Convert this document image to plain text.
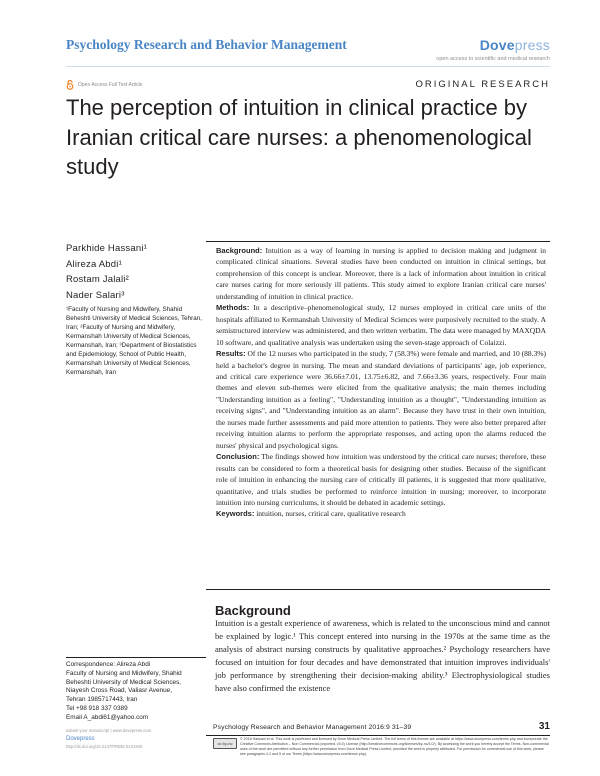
Psychology Research and Behavior Management	Dovepress
open access to scientific and medical research
Open Access Full Text Article	ORIGINAL RESEARCH
The perception of intuition in clinical practice by Iranian critical care nurses: a phenomenological study
Parkhide Hassani¹
Alireza Abdi¹
Rostam Jalali²
Nader Salari³
¹Faculty of Nursing and Midwifery, Shahid Beheshti University of Medical Sciences, Tehran, Iran; ²Faculty of Nursing and Midwifery, Kermanshah University of Medical Sciences, Kermanshah, Iran; ³Department of Biostatistics and Epidemiology, School of Public Health, Kermanshah University of Medical Sciences, Kermanshah, Iran

Background: Intuition as a way of learning in nursing is applied to decision making and judgment in complicated clinical situations. Several studies have been conducted on intuition in clinical settings, but comprehension of this concept is unclear. Moreover, there is a lack of information about intuition in critical care nurses caring for more seriously ill patients. This study aimed to explore Iranian critical care nurses' understanding of intuition in clinical practice.

Methods: In a descriptive–phenomenological study, 12 nurses employed in critical care units of the hospitals affiliated to Kermanshah University of Medical Sciences were purposively recruited to the study. A semistructured interview was administered, and then written verbatim. The data were managed by MAXQDA 10 software, and qualitative analysis was undertaken using the seven-stage approach of Colaizzi.

Results: Of the 12 nurses who participated in the study, 7 (58.3%) were female and married, and 10 (88.3%) held a bachelor's degree in nursing. The mean and standard deviations of participants' age, job experience, and critical care experience were 36.66±7.01, 13.75±6.82, and 7.66±3.36 years, respectively. Four main themes and eleven sub-themes were elicited from the qualitative analysis; the main themes including "Understanding intuition as a feeling", "Understanding intuition as a thought", "Understanding intuition as receiving signs", and "Understanding intuition as an alarm". Because they have trust in their own intuition, the nurses made further assessments and paid more attention to patients. They were also better prepared after receiving intuition alarms to perform the appropriate responses, and acting upon the alarms reduced the nurses' physical and psychological signs.

Conclusion: The findings showed how intuition was understood by the critical care nurses; therefore, these results can be considered to form a theoretical basis for designing other studies. Because of the significant role of intuition in enhancing the nursing care of critically ill patients, it is suggested that more qualitative, quantitative, and trials studies be performed to reinforce intuition in nursing; moreover, to incorporate intuition into nursing curriculums, it should be debated in academic settings.

Keywords: intuition, nurses, critical care, qualitative research

Background

Intuition is a gestalt experience of awareness, which is related to the unconscious mind and cannot be explained by logic.¹ This concept entered into nursing in the 1970s at the same time as the analysis of abstract nursing constructs by qualitative approaches.² Psychology researchers have focused on intuition for four decades and have demonstrated that intuition improves individuals' job performance by strengthening their decision-making ability.³ Electrophysiological studies have also confirmed the existence

Correspondence: Alireza Abdi
Faculty of Nursing and Midwifery, Shahid
Beheshti University of Medical Sciences,
Niayesh Cross Road, Valiasr Avenue,
Tehran 1985717443, Iran
Tel +98 918 337 0389
Email A_abdi61@yahoo.com
submit your manuscript | www.dovepress.com
Dovepress
http://dx.doi.org/10.2147/PRBM.S101940
Psychology Research and Behavior Management 2016:9 31–39	31
cc by-nc
© 2016 Hassani et al. This work is published and licensed by Dove Medical Press Limited. The full terms of this license are available at https://www.dovepress.com/terms.php and incorporate the Creative Commons Attribution – Non Commercial (unported, v3.0) License (http://creativecommons.org/licenses/by-nc/3.0/). By accessing the work you hereby accept the Terms. Non-commercial uses of the work are permitted without any further permission from Dove Medical Press Limited, provided the work is properly attributed. For permission for commercial use of this work, please see paragraphs 4.2 and 5 of our Terms (https://www.dovepress.com/terms.php).
